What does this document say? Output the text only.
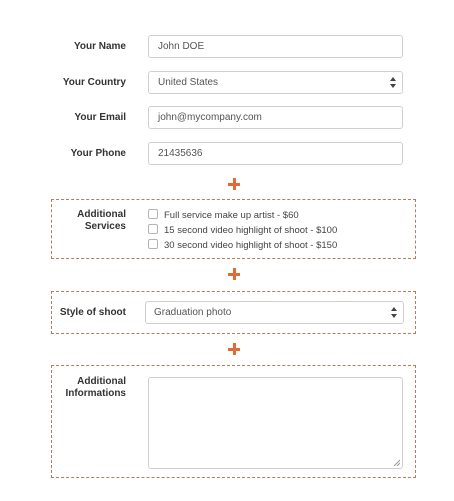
Your Name	John DOE
Your Country	United States
Your Email	john@mycompany.com
Your Phone	21435636
Additional
Services
Full service make up artist - $60
15 second video highlight of shoot - $100
30 second video highlight of shoot - $150
Style of shoot	Graduation photo
Additional
Informations
